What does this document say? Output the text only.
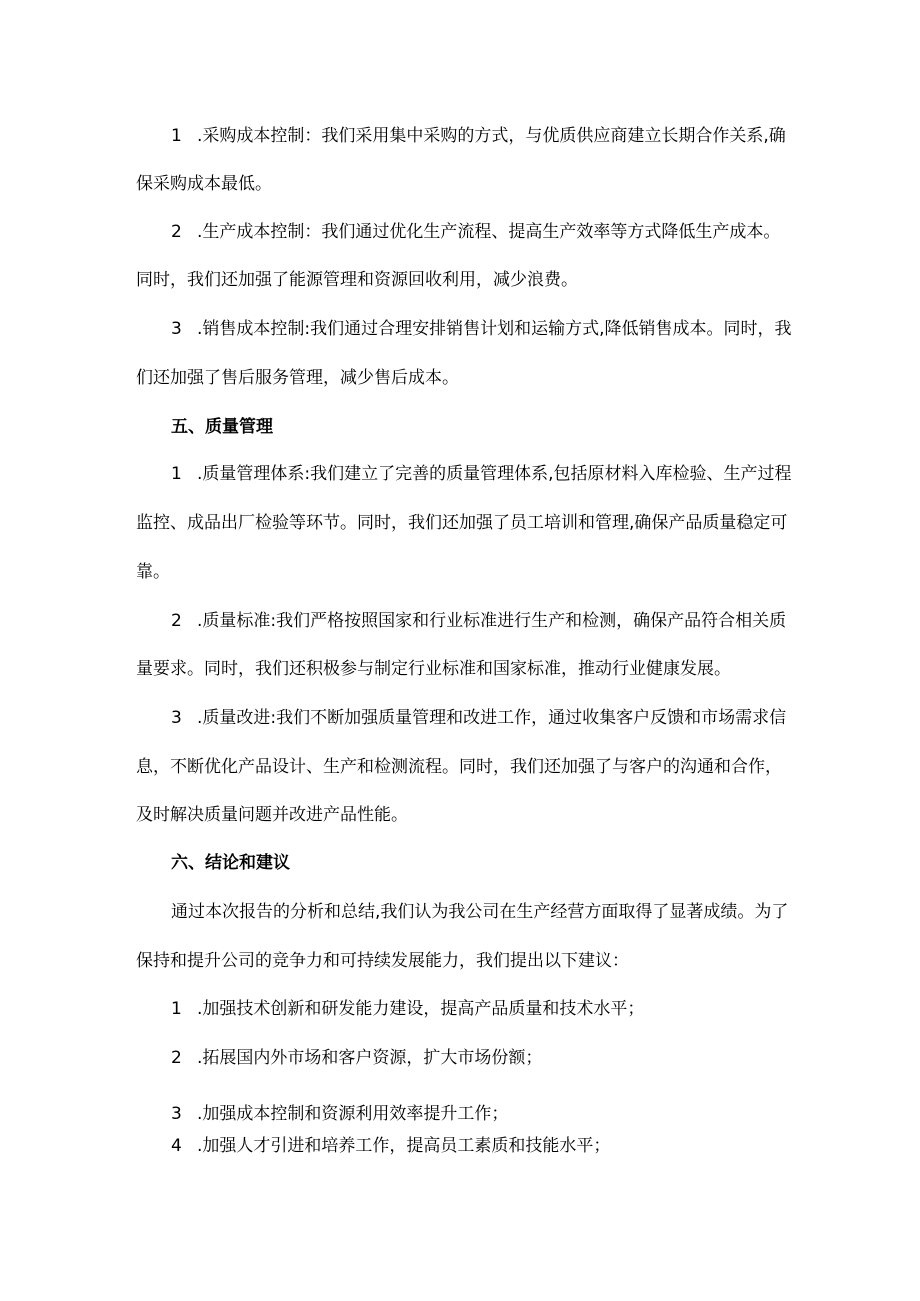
1 .采购成本控制：我们采用集中采购的方式，与优质供应商建立长期合作关系,确
保采购成本最低。
2 .生产成本控制：我们通过优化生产流程、提高生产效率等方式降低生产成本。
同时，我们还加强了能源管理和资源回收利用，减少浪费。
3 .销售成本控制:我们通过合理安排销售计划和运输方式,降低销售成本。同时，我
们还加强了售后服务管理，减少售后成本。
五、质量管理
1 .质量管理体系:我们建立了完善的质量管理体系,包括原材料入库检验、生产过程
监控、成品出厂检验等环节。同时，我们还加强了员工培训和管理,确保产品质量稳定可
靠。
2 .质量标准:我们严格按照国家和行业标准进行生产和检测，确保产品符合相关质
量要求。同时，我们还积极参与制定行业标准和国家标准，推动行业健康发展。
3 .质量改进:我们不断加强质量管理和改进工作，通过收集客户反馈和市场需求信
息，不断优化产品设计、生产和检测流程。同时，我们还加强了与客户的沟通和合作，
及时解决质量问题并改进产品性能。
六、结论和建议
通过本次报告的分析和总结,我们认为我公司在生产经营方面取得了显著成绩。为了
保持和提升公司的竞争力和可持续发展能力，我们提出以下建议：
1 .加强技术创新和研发能力建设，提高产品质量和技术水平；
2 .拓展国内外市场和客户资源，扩大市场份额；
3 .加强成本控制和资源利用效率提升工作；
4 .加强人才引进和培养工作，提高员工素质和技能水平；
